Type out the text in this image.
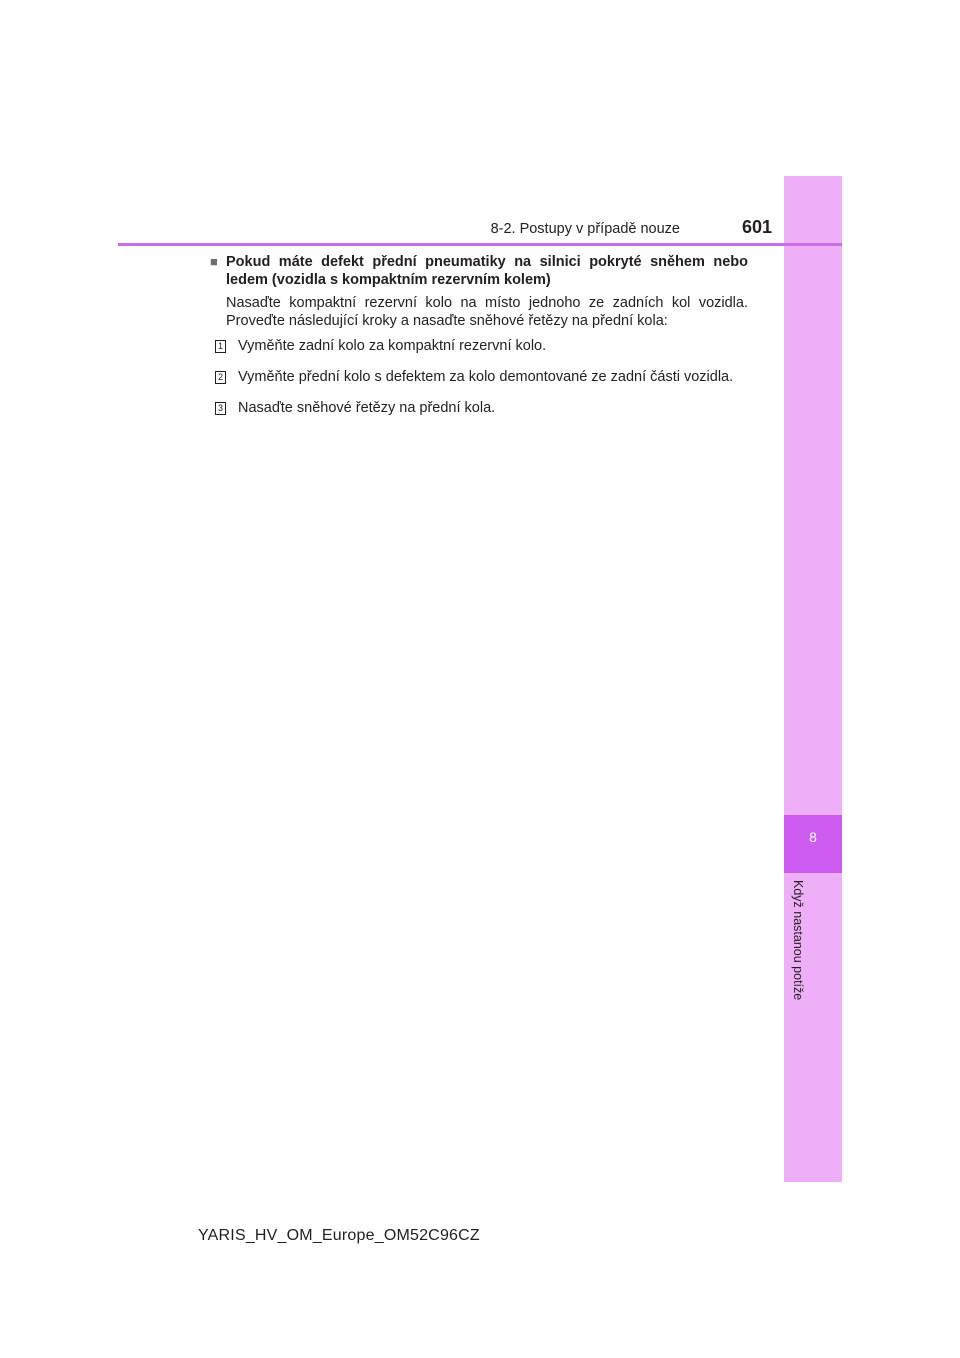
8
Když nastanou potíže
8-2. Postupy v případě nouze	601
■ Pokud máte defekt přední pneumatiky na silnici pokryté sněhem nebo ledem (vozidla s kompaktním rezervním kolem)
Nasaďte kompaktní rezervní kolo na místo jednoho ze zadních kol vozidla. Proveďte následující kroky a nasaďte sněhové řetězy na přední kola:
1 Vyměňte zadní kolo za kompaktní rezervní kolo.
2 Vyměňte přední kolo s defektem za kolo demontované ze zadní části vozidla.
3 Nasaďte sněhové řetězy na přední kola.
YARIS_HV_OM_Europe_OM52C96CZ
